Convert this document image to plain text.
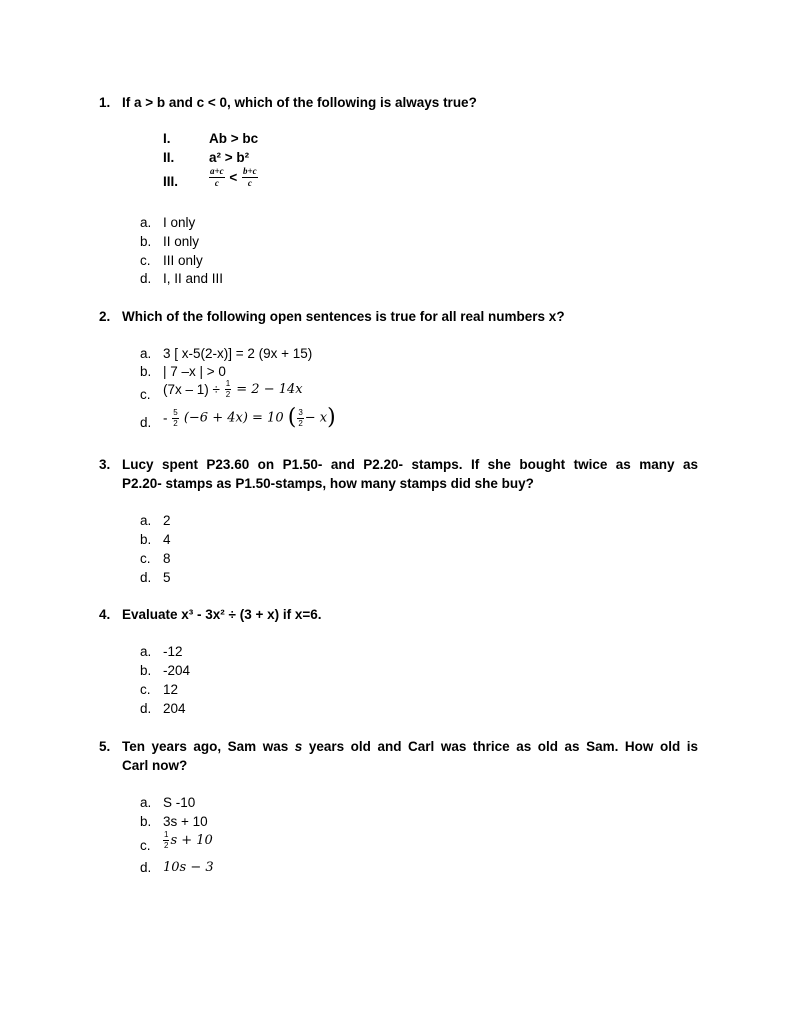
1. If a > b and c < 0, which of the following is always true?
I.	Ab > bc
II.	a² > b²
III.	$\frac{a+c}{c} < \frac{b+c}{c}$
a. I only
b. II only
c. III only
d. I, II and III
2. Which of the following open sentences is true for all real numbers x?
a. 3 [ x-5(2-x)] = 2 (9x + 15)
b. | 7 –x | > 0
c. $(7x - 1) \div \frac{1}{2} = 2 - 14x$
d. - $\frac{5}{2} (-6 + 4x) = 10$ ( $\frac{3}{2} - x$)
3. Lucy spent P23.60 on P1.50- and P2.20- stamps. If she bought twice as many as
P2.20- stamps as P1.50-stamps, how many stamps did she buy?
a. 2
b. 4
c. 8
d. 5
4. Evaluate x³ - 3x² ÷ (3 + x) if x=6.
a. -12
b. -204
c. 12
d. 204
5. Ten years ago, Sam was s years old and Carl was thrice as old as Sam. How old is
Carl now?
a. S -10
b. 3s + 10
c. $\frac{1}{2}$ s + 10
d. 10s − 3
